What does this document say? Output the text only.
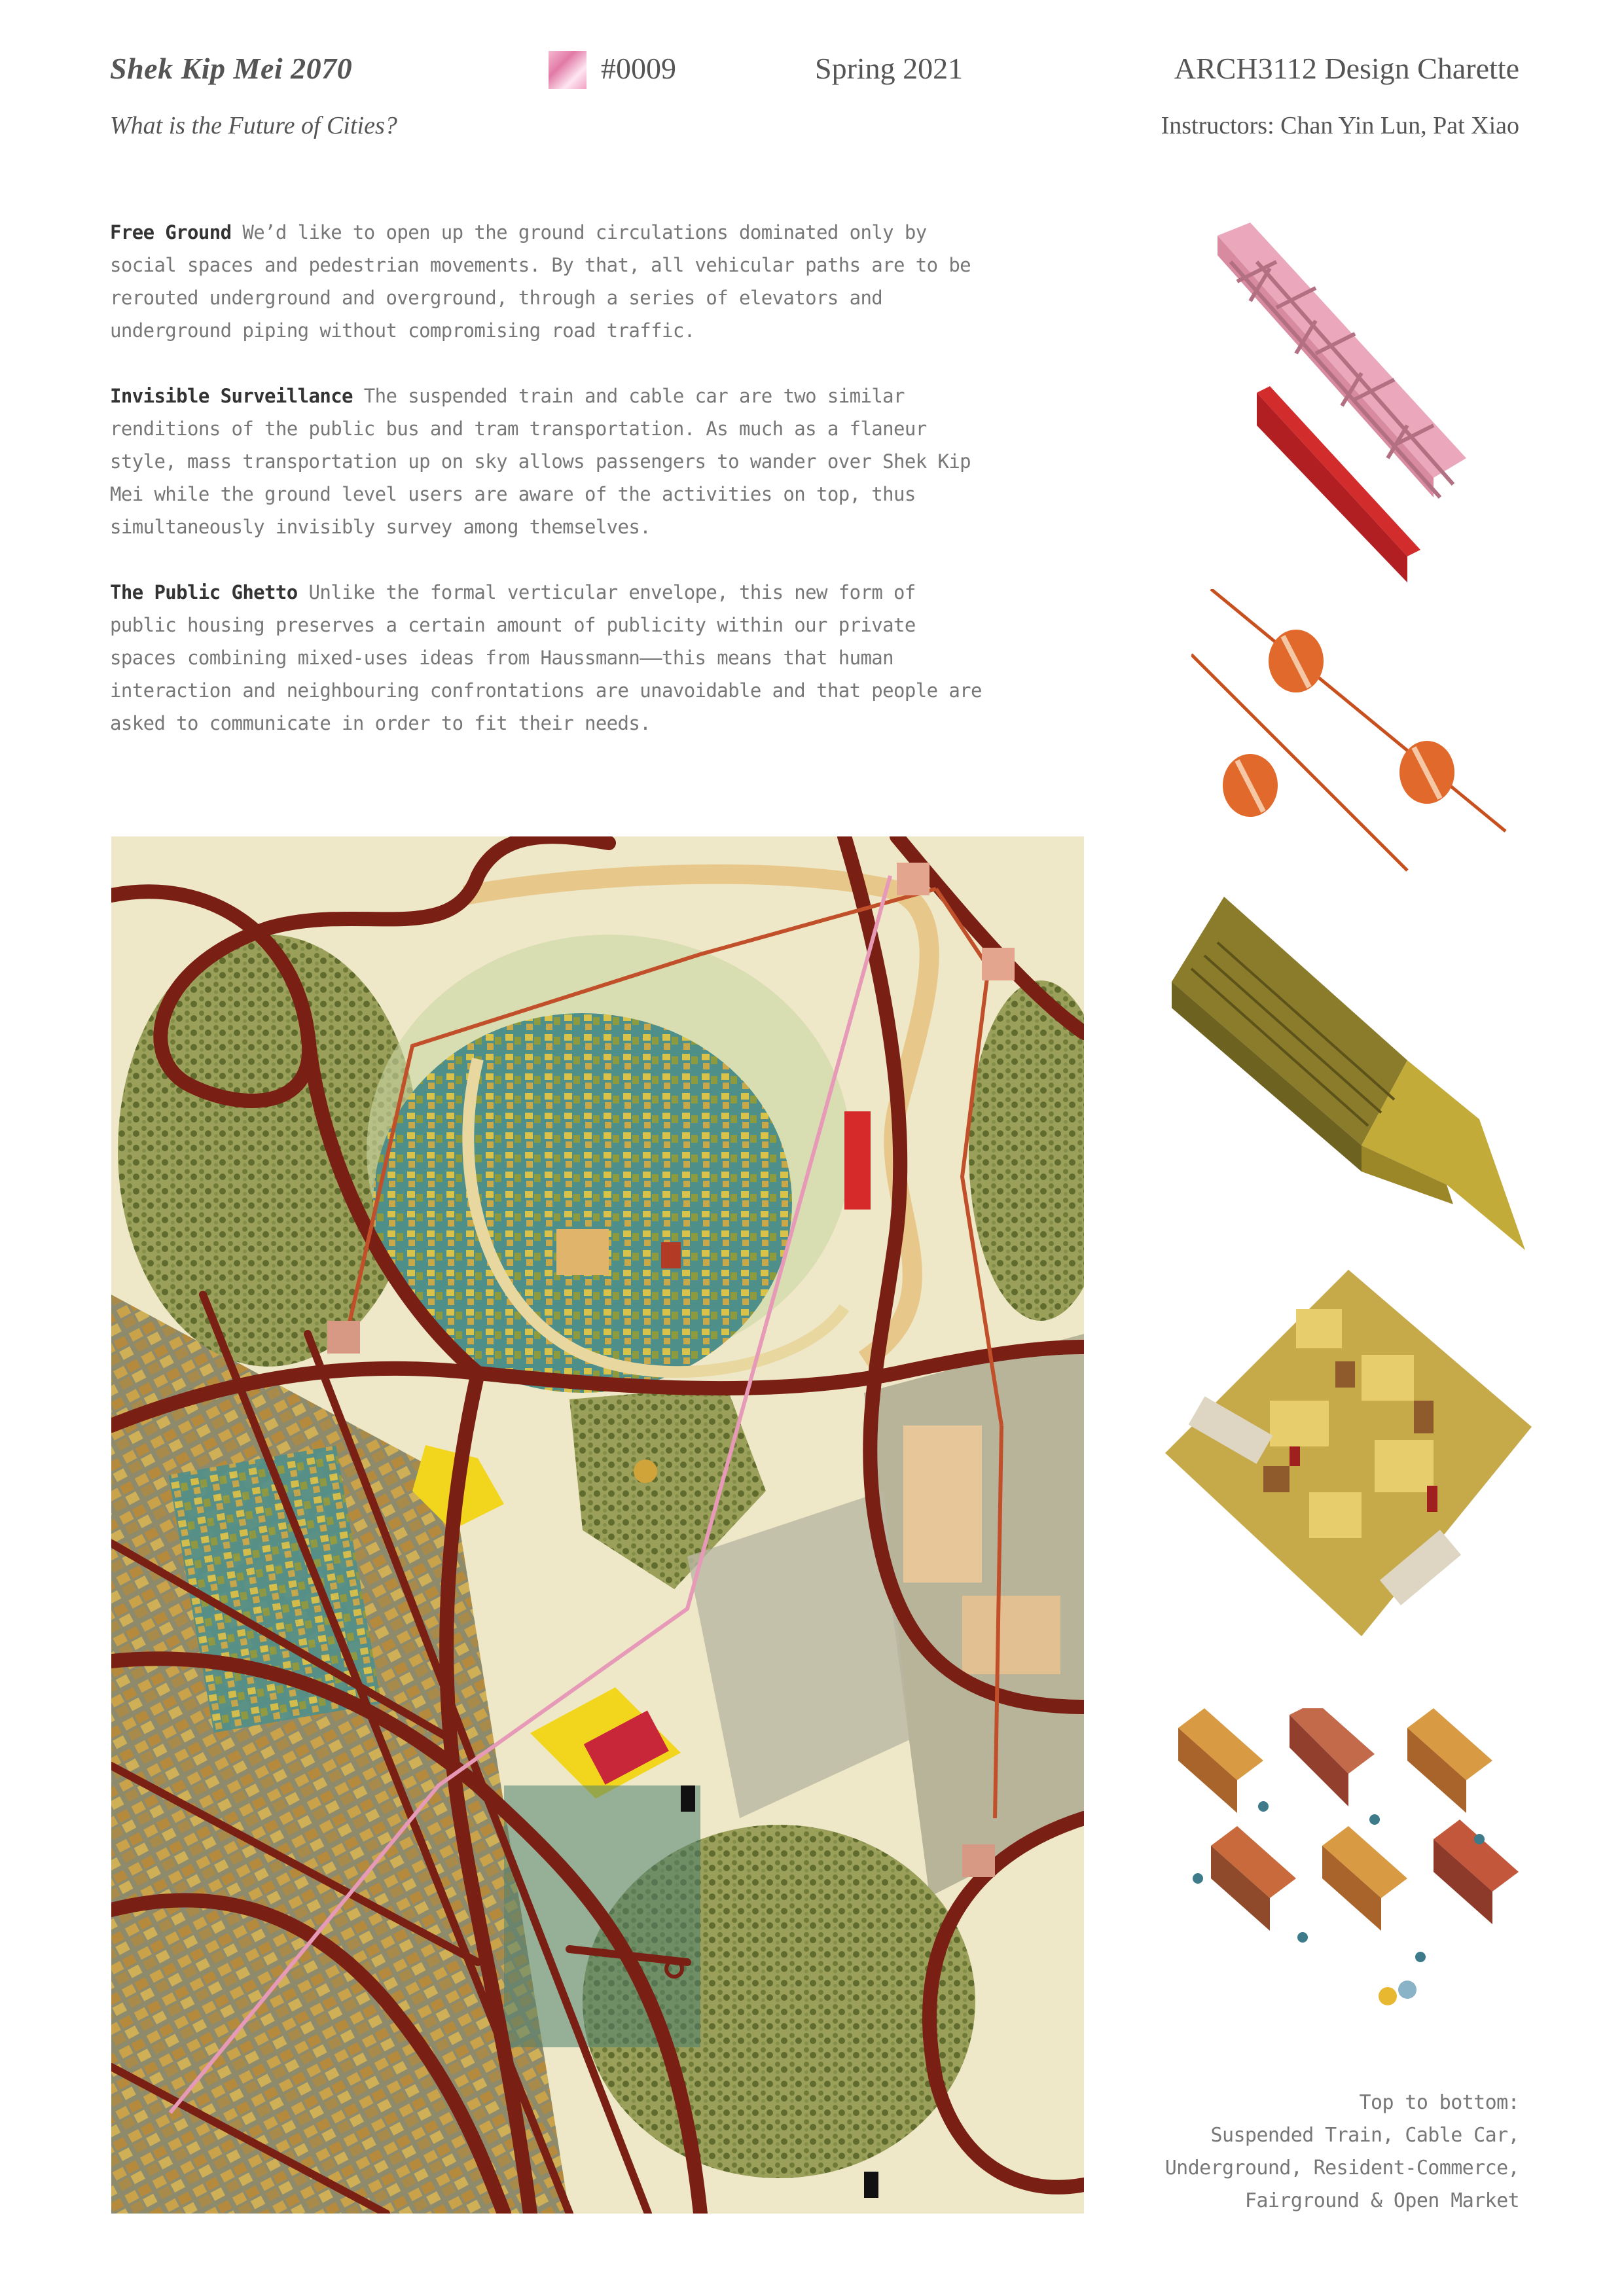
Shek Kip Mei 2070
What is the Future of Cities?
#0009	Spring 2021	ARCH3112 Design Charette
Instructors: Chan Yin Lun, Pat Xiao

Free Ground We’d like to open up the ground circulations dominated only by social spaces and pedestrian movements. By that, all vehicular paths are to be rerouted underground and overground, through a series of elevators and underground piping without compromising road traffic.

Invisible Surveillance The suspended train and cable car are two similar renditions of the public bus and tram transportation. As much as a flaneur style, mass transportation up on sky allows passengers to wander over Shek Kip Mei while the ground level users are aware of the activities on top, thus simultaneously invisibly survey among themselves.

The Public Ghetto Unlike the formal verticular envelope, this new form of public housing preserves a certain amount of publicity within our private spaces combining mixed-uses ideas from Haussmann——this means that human interaction and neighbouring confrontations are unavoidable and that people are asked to communicate in order to fit their needs.

Top to bottom:
Suspended Train, Cable Car,
Underground, Resident-Commerce,
Fairground & Open Market
